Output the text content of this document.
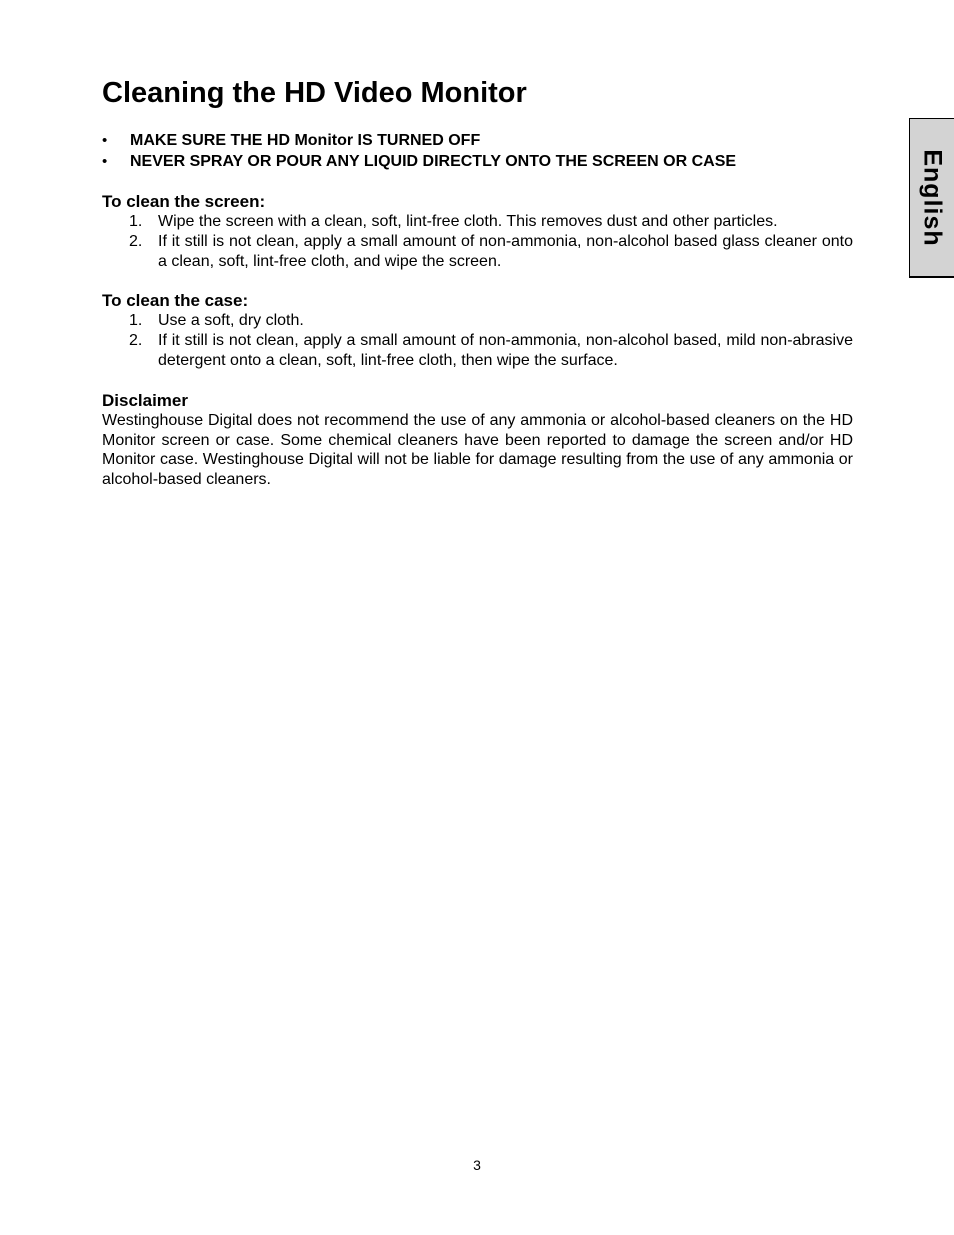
Cleaning the HD Video Monitor
• MAKE SURE THE HD Monitor IS TURNED OFF
• NEVER SPRAY OR POUR ANY LIQUID DIRECTLY ONTO THE SCREEN OR CASE
To clean the screen:
1. Wipe the screen with a clean, soft, lint-free cloth. This removes dust and other particles.
2. If it still is not clean, apply a small amount of non-ammonia, non-alcohol based glass cleaner onto a clean, soft, lint-free cloth, and wipe the screen.
To clean the case:
1. Use a soft, dry cloth.
2. If it still is not clean, apply a small amount of non-ammonia, non-alcohol based, mild non-abrasive detergent onto a clean, soft, lint-free cloth, then wipe the surface.
Disclaimer

Westinghouse Digital does not recommend the use of any ammonia or alcohol-based cleaners on the HD Monitor screen or case. Some chemical cleaners have been reported to damage the screen and/or HD Monitor case. Westinghouse Digital will not be liable for damage resulting from the use of any ammonia or alcohol-based cleaners.

3
English
